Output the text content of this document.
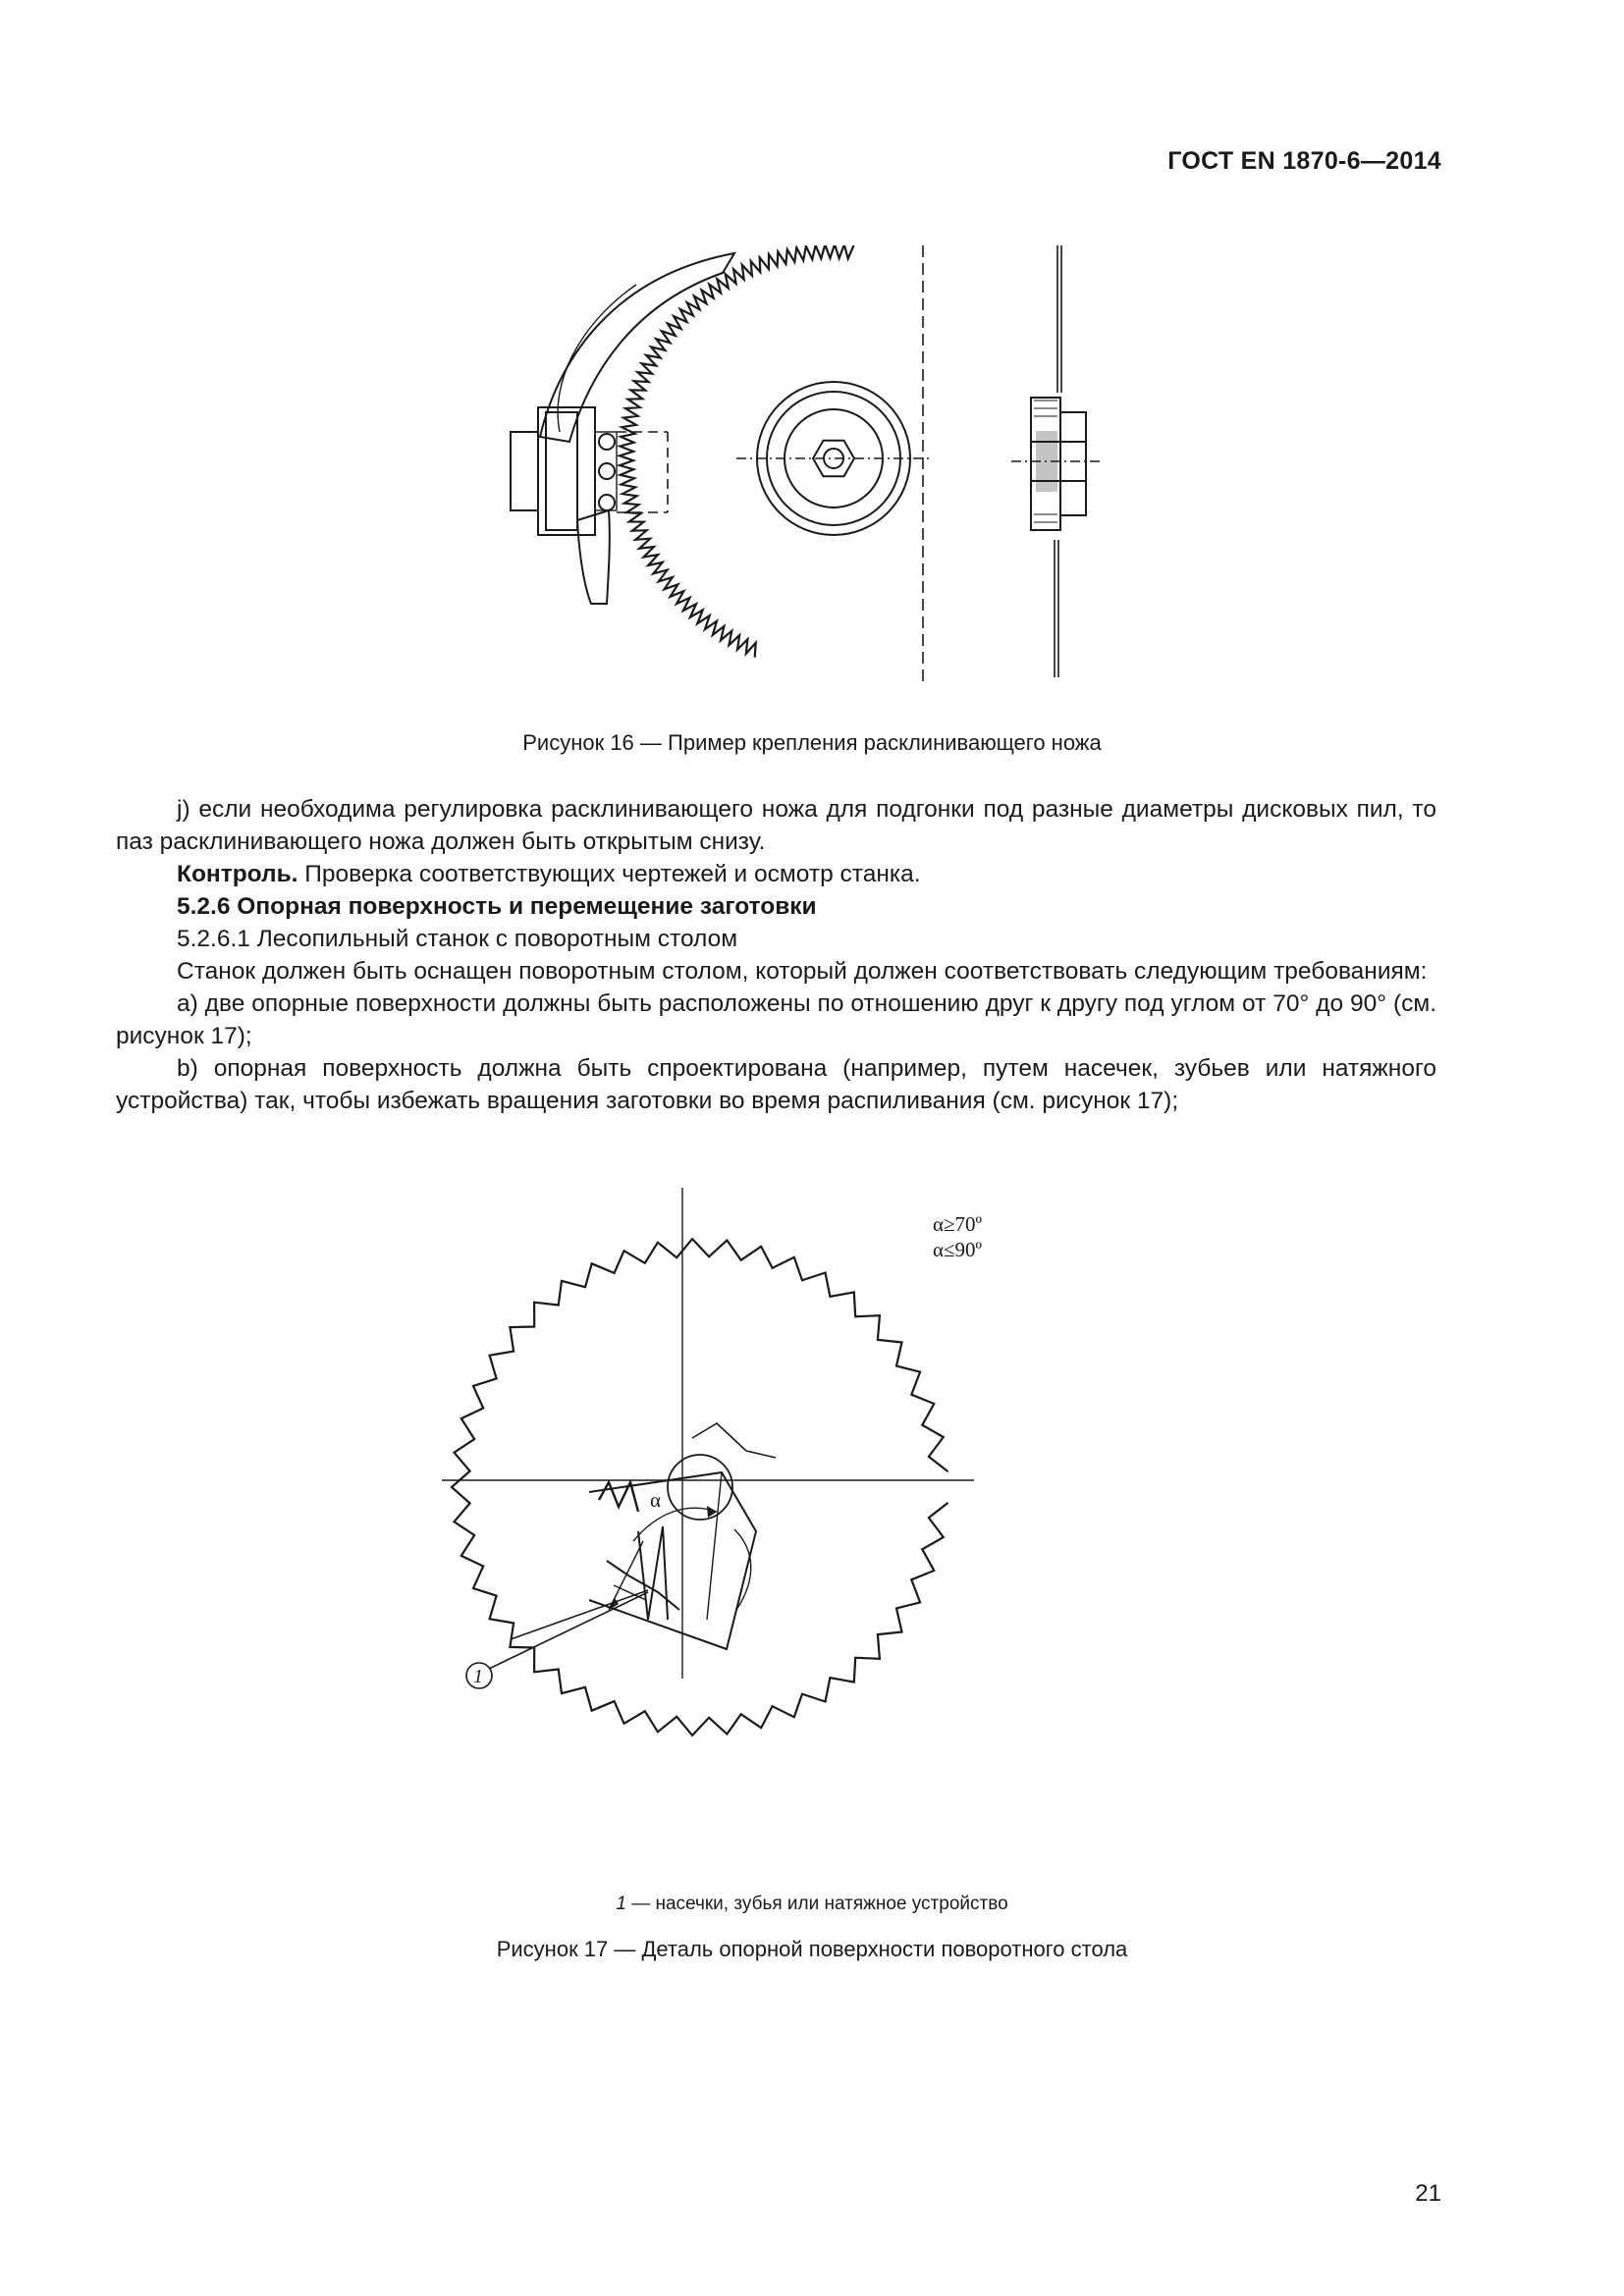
ГОСТ EN 1870-6—2014
Рисунок 16 — Пример крепления расклинивающего ножа

j) если необходима регулировка расклинивающего ножа для подгонки под разные диаметры дисковых пил, то паз расклинивающего ножа должен быть открытым снизу.

Контроль. Проверка соответствующих чертежей и осмотр станка.

5.2.6 Опорная поверхность и перемещение заготовки

5.2.6.1 Лесопильный станок с поворотным столом

Станок должен быть оснащен поворотным столом, который должен соответствовать следующим требованиям:

а) две опорные поверхности должны быть расположены по отношению друг к другу под углом от 70° до 90° (см. рисунок 17);

b) опорная поверхность должна быть спроектирована (например, путем насечек, зубьев или натяжного устройства) так, чтобы избежать вращения заготовки во время распиливания (см. рисунок 17);

α≥70º
α≤90º
α
1
1 — насечки, зубья или натяжное устройство
Рисунок 17 — Деталь опорной поверхности поворотного стола
21
